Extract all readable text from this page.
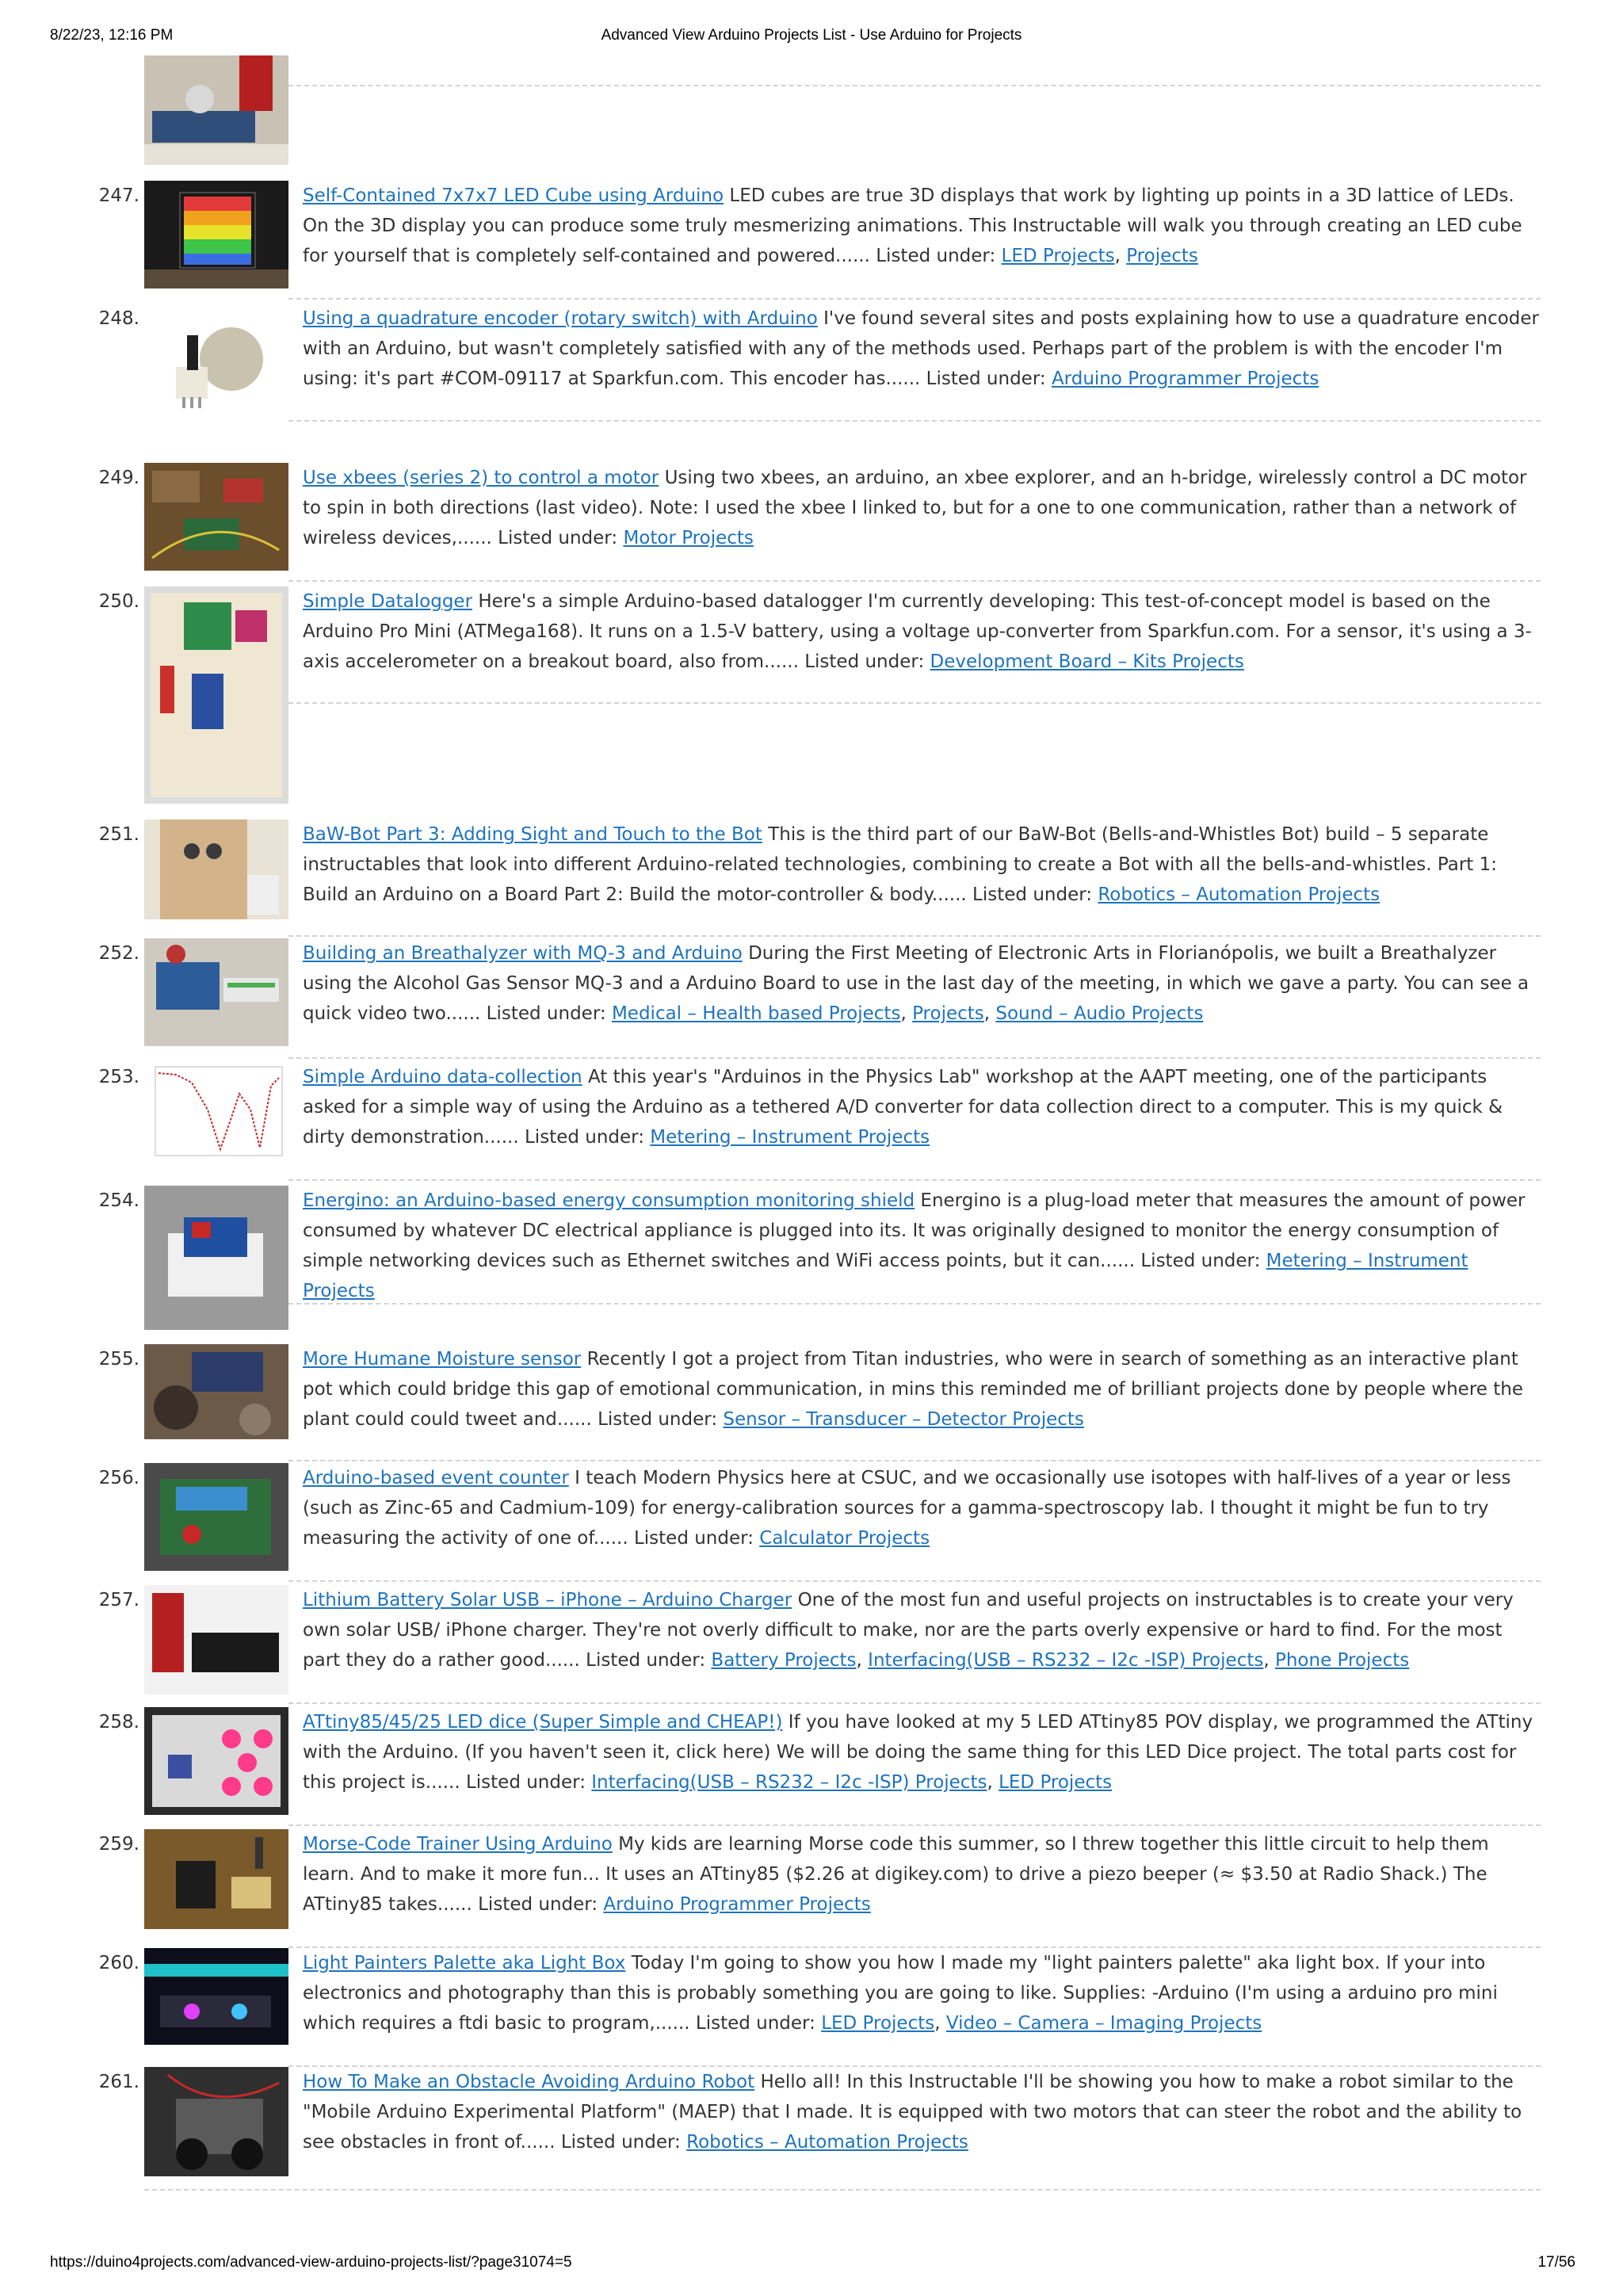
8/22/23, 12:16 PM	Advanced View Arduino Projects List - Use Arduino for Projects
247.	Self-Contained 7x7x7 LED Cube using Arduino LED cubes are true 3D displays that work by lighting up points in a 3D lattice of LEDs. On the 3D display you can produce some truly mesmerizing animations. This Instructable will walk you through creating an LED cube for yourself that is completely self-contained and powered...... Listed under: LED Projects, Projects
248.	Using a quadrature encoder (rotary switch) with Arduino I've found several sites and posts explaining how to use a quadrature encoder with an Arduino, but wasn't completely satisfied with any of the methods used. Perhaps part of the problem is with the encoder I'm using: it's part #COM-09117 at Sparkfun.com. This encoder has...... Listed under: Arduino Programmer Projects
249.	Use xbees (series 2) to control a motor Using two xbees, an arduino, an xbee explorer, and an h-bridge, wirelessly control a DC motor to spin in both directions (last video). Note: I used the xbee I linked to, but for a one to one communication, rather than a network of wireless devices,...... Listed under: Motor Projects
250.	Simple Datalogger Here's a simple Arduino-based datalogger I'm currently developing: This test-of-concept model is based on the Arduino Pro Mini (ATMega168). It runs on a 1.5-V battery, using a voltage up-converter from Sparkfun.com. For a sensor, it's using a 3-axis accelerometer on a breakout board, also from...... Listed under: Development Board – Kits Projects
251.	BaW-Bot Part 3: Adding Sight and Touch to the Bot This is the third part of our BaW-Bot (Bells-and-Whistles Bot) build – 5 separate instructables that look into different Arduino-related technologies, combining to create a Bot with all the bells-and-whistles. Part 1: Build an Arduino on a Board Part 2: Build the motor-controller & body...... Listed under: Robotics – Automation Projects
252.	Building an Breathalyzer with MQ-3 and Arduino During the First Meeting of Electronic Arts in Florianópolis, we built a Breathalyzer using the Alcohol Gas Sensor MQ-3 and a Arduino Board to use in the last day of the meeting, in which we gave a party. You can see a quick video two...... Listed under: Medical – Health based Projects, Projects, Sound – Audio Projects
253.	Simple Arduino data-collection At this year's "Arduinos in the Physics Lab" workshop at the AAPT meeting, one of the participants asked for a simple way of using the Arduino as a tethered A/D converter for data collection direct to a computer. This is my quick & dirty demonstration...... Listed under: Metering – Instrument Projects
254.	Energino: an Arduino-based energy consumption monitoring shield Energino is a plug-load meter that measures the amount of power consumed by whatever DC electrical appliance is plugged into its. It was originally designed to monitor the energy consumption of simple networking devices such as Ethernet switches and WiFi access points, but it can...... Listed under: Metering – Instrument Projects
255.	More Humane Moisture sensor Recently I got a project from Titan industries, who were in search of something as an interactive plant pot which could bridge this gap of emotional communication, in mins this reminded me of brilliant projects done by people where the plant could could tweet and...... Listed under: Sensor – Transducer – Detector Projects
256.	Arduino-based event counter I teach Modern Physics here at CSUC, and we occasionally use isotopes with half-lives of a year or less (such as Zinc-65 and Cadmium-109) for energy-calibration sources for a gamma-spectroscopy lab. I thought it might be fun to try measuring the activity of one of...... Listed under: Calculator Projects
257.	Lithium Battery Solar USB – iPhone – Arduino Charger One of the most fun and useful projects on instructables is to create your very own solar USB/ iPhone charger. They're not overly difficult to make, nor are the parts overly expensive or hard to find. For the most part they do a rather good...... Listed under: Battery Projects, Interfacing(USB – RS232 – I2c -ISP) Projects, Phone Projects
258.	ATtiny85/45/25 LED dice (Super Simple and CHEAP!) If you have looked at my 5 LED ATtiny85 POV display, we programmed the ATtiny with the Arduino. (If you haven't seen it, click here) We will be doing the same thing for this LED Dice project. The total parts cost for this project is...... Listed under: Interfacing(USB – RS232 – I2c -ISP) Projects, LED Projects
259.	Morse-Code Trainer Using Arduino My kids are learning Morse code this summer, so I threw together this little circuit to help them learn. And to make it more fun... It uses an ATtiny85 ($2.26 at digikey.com) to drive a piezo beeper (≈ $3.50 at Radio Shack.) The ATtiny85 takes...... Listed under: Arduino Programmer Projects
260.	Light Painters Palette aka Light Box Today I'm going to show you how I made my "light painters palette" aka light box. If your into electronics and photography than this is probably something you are going to like. Supplies: -Arduino (I'm using a arduino pro mini which requires a ftdi basic to program,...... Listed under: LED Projects, Video – Camera – Imaging Projects
261.	How To Make an Obstacle Avoiding Arduino Robot Hello all! In this Instructable I'll be showing you how to make a robot similar to the "Mobile Arduino Experimental Platform" (MAEP) that I made. It is equipped with two motors that can steer the robot and the ability to see obstacles in front of...... Listed under: Robotics – Automation Projects
https://duino4projects.com/advanced-view-arduino-projects-list/?page31074=5	17/56
